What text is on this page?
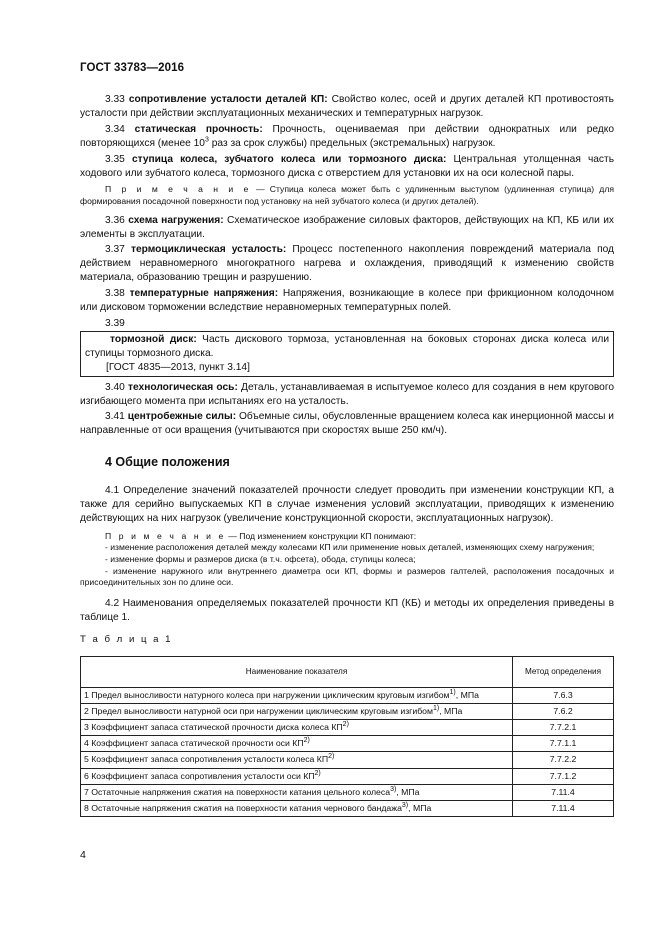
ГОСТ 33783—2016

3.33 сопротивление усталости деталей КП: Свойство колес, осей и других деталей КП противостоять усталости при действии эксплуатационных механических и температурных нагрузок.

3.34 статическая прочность: Прочность, оцениваемая при действии однократных или редко повторяющихся (менее $10^3$ раз за срок службы) предельных (экстремальных) нагрузок.

3.35 ступица колеса, зубчатого колеса или тормозного диска: Центральная утолщенная часть ходового или зубчатого колеса, тормозного диска с отверстием для установки их на оси колесной пары.

П р и м е ч а н и е — Ступица колеса может быть с удлиненным выступом (удлиненная ступица) для формирования посадочной поверхности под установку на ней зубчатого колеса (и других деталей).

3.36 схема нагружения: Схематическое изображение силовых факторов, действующих на КП, КБ или их элементы в эксплуатации.

3.37 термоциклическая усталость: Процесс постепенного накопления повреждений материала под действием неравномерного многократного нагрева и охлаждения, приводящий к изменению свойств материала, образованию трещин и разрушению.

3.38 температурные напряжения: Напряжения, возникающие в колесе при фрикционном колодочном или дисковом торможении вследствие неравномерных температурных полей.

3.39

тормозной диск: Часть дискового тормоза, установленная на боковых сторонах диска колеса или ступицы тормозного диска.

[ГОСТ 4835—2013, пункт 3.14]

3.40 технологическая ось: Деталь, устанавливаемая в испытуемое колесо для создания в нем кругового изгибающего момента при испытаниях его на усталость.

3.41 центробежные силы: Объемные силы, обусловленные вращением колеса как инерционной массы и направленные от оси вращения (учитываются при скоростях выше 250 км/ч).

4 Общие положения

4.1 Определение значений показателей прочности следует проводить при изменении конструкции КП, а также для серийно выпускаемых КП в случае изменения условий эксплуатации, приводящих к изменению действующих на них нагрузок (увеличение конструкционной скорости, эксплуатационных нагрузок).

П р и м е ч а н и е — Под изменением конструкции КП понимают:

- изменение расположения деталей между колесами КП или применение новых деталей, изменяющих схему нагружения;

- изменение формы и размеров диска (в т.ч. офсета), обода, ступицы колеса;

- изменение наружного или внутреннего диаметра оси КП, формы и размеров галтелей, расположения посадочных и присоединительных зон по длине оси.

4.2 Наименования определяемых показателей прочности КП (КБ) и методы их определения приведены в таблице 1.

Т а б л и ц а 1
Наименование показателя	Метод определения
1 Предел выносливости натурного колеса при нагружении циклическим круговым изгибом$^{1)}$, МПа	7.6.3
2 Предел выносливости натурной оси при нагружении циклическим круговым изгибом$^{1)}$, МПа	7.6.2
3 Коэффициент запаса статической прочности диска колеса КП$^{2)}$	7.7.2.1
4 Коэффициент запаса статической прочности оси КП$^{2)}$	7.7.1.1
5 Коэффициент запаса сопротивления усталости колеса КП$^{2)}$	7.7.2.2
6 Коэффициент запаса сопротивления усталости оси КП$^{2)}$	7.7.1.2
7 Остаточные напряжения сжатия на поверхности катания цельного колеса$^{3)}$, МПа	7.11.4
8 Остаточные напряжения сжатия на поверхности катания чернового бандажа$^{3)}$, МПа	7.11.4
4
